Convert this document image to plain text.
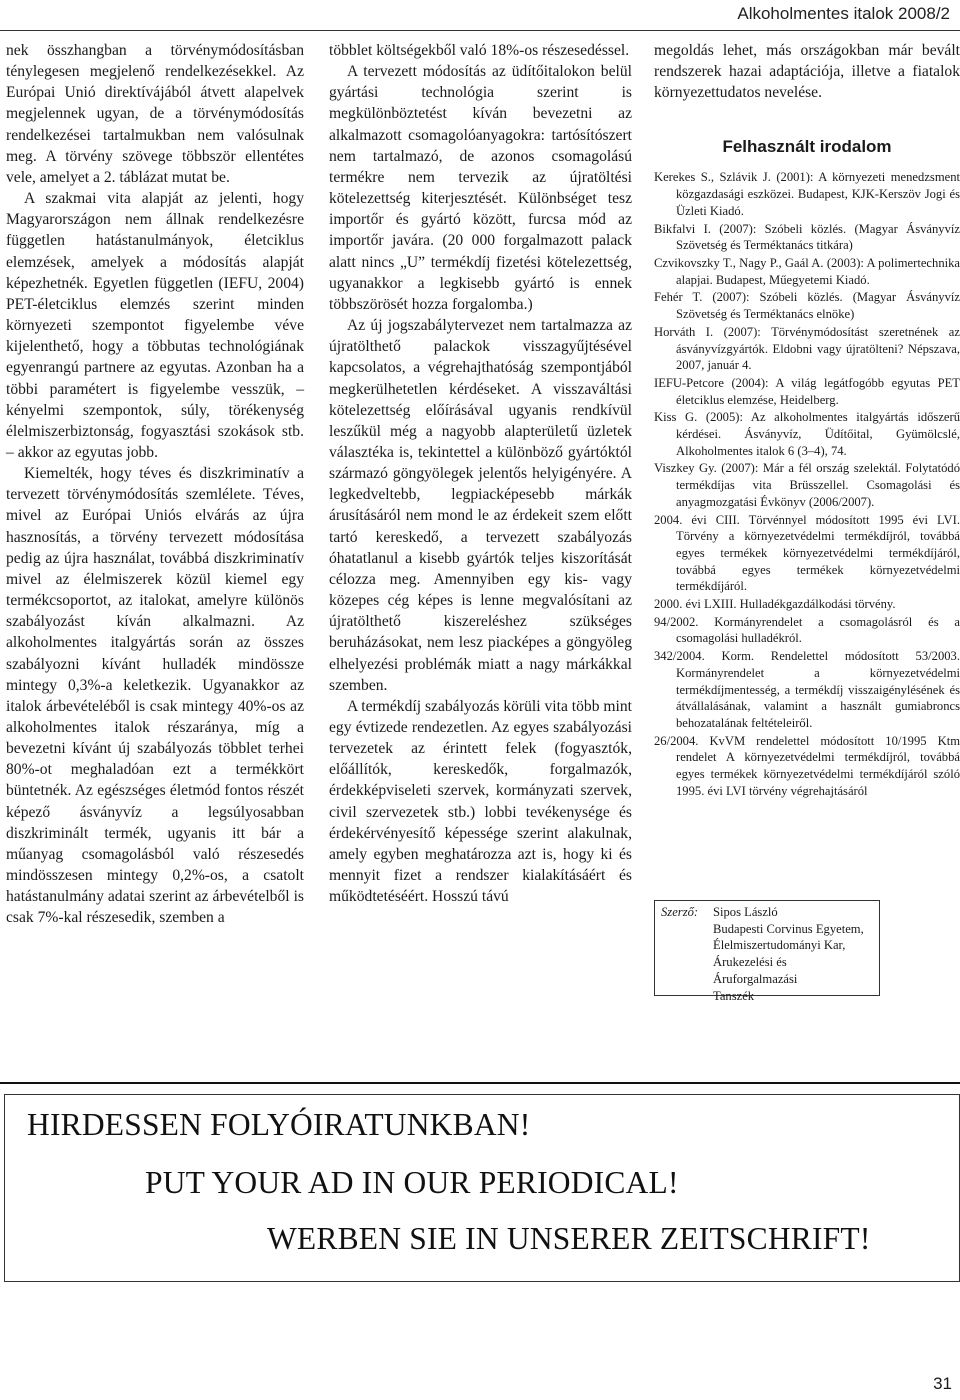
Alkoholmentes italok 2008/2

nek összhangban a törvénymódosításban ténylegesen megjelenő rendelkezésekkel. Az Európai Unió direktívájából átvett alapelvek megjelennek ugyan, de a törvénymódosítás rendelkezései tartalmukban nem valósulnak meg. A törvény szövege többször ellentétes vele, amelyet a 2. táblázat mutat be.

A szakmai vita alapját az jelenti, hogy Magyarországon nem állnak rendelkezésre független hatástanulmányok, életciklus elemzések, amelyek a módosítás alapját képezhetnék. Egyetlen független (IEFU, 2004) PET-életciklus elemzés szerint minden környezeti szempontot figyelembe véve kijelenthető, hogy a többutas technológiának egyenrangú partnere az egyutas. Azonban ha a többi paramétert is figyelembe vesszük, – kényelmi szempontok, súly, törékenység élelmiszerbiztonság, fogyasztási szokások stb. – akkor az egyutas jobb.

Kiemelték, hogy téves és diszkriminatív a tervezett törvénymódosítás szemlélete. Téves, mivel az Európai Uniós elvárás az újra hasznosítás, a törvény tervezett módosítása pedig az újra használat, továbbá diszkriminatív mivel az élelmiszerek közül kiemel egy termékcsoportot, az italokat, amelyre különös szabályozást kíván alkalmazni. Az alkoholmentes italgyártás során az összes szabályozni kívánt hulladék mindössze mintegy 0,3%-a keletkezik. Ugyanakkor az italok árbevételéből is csak mintegy 40%-os az alkoholmentes italok részaránya, míg a bevezetni kívánt új szabályozás többlet terhei 80%-ot meghaladóan ezt a termékkört büntetnék. Az egészséges életmód fontos részét képező ásványvíz a legsúlyosabban diszkriminált termék, ugyanis itt bár a műanyag csomagolásból való részesedés mindösszesen mintegy 0,2%-os, a csatolt hatástanulmány adatai szerint az árbevételből is csak 7%-kal részesedik, szemben a

többlet költségekből való 18%-os részesedéssel.

A tervezett módosítás az üdítőitalokon belül gyártási technológia szerint is megkülönböztetést kíván bevezetni az alkalmazott csomagolóanyagokra: tartósítószert nem tartalmazó, de azonos csomagolású termékre nem tervezik az újratöltési kötelezettség kiterjesztését. Különbséget tesz importőr és gyártó között, furcsa mód az importőr javára. (20 000 forgalmazott palack alatt nincs „U” termékdíj fizetési kötelezettség, ugyanakkor a legkisebb gyártó is ennek többszörösét hozza forgalomba.)

Az új jogszabálytervezet nem tartalmazza az újratölthető palackok visszagyűjtésével kapcsolatos, a végrehajthatóság szempontjából megkerülhetetlen kérdéseket. A visszaváltási kötelezettség előírásával ugyanis rendkívül leszűkül még a nagyobb alapterületű üzletek választéka is, tekintettel a különböző gyártóktól származó göngyölegek jelentős helyigényére. A legkedveltebb, legpiacképesebb márkák árusításáról nem mond le az érdekeit szem előtt tartó kereskedő, a tervezett szabályozás óhatatlanul a kisebb gyártók teljes kiszorítását célozza meg. Amennyiben egy kis- vagy közepes cég képes is lenne megvalósítani az újratölthető kiszereléshez szükséges beruházásokat, nem lesz piacképes a göngyöleg elhelyezési problémák miatt a nagy márkákkal szemben.

A termékdíj szabályozás körüli vita több mint egy évtizede rendezetlen. Az egyes szabályozási tervezetek az érintett felek (fogyasztók, előállítók, kereskedők, forgalmazók, érdekképviseleti szervek, kormányzati szervek, civil szervezetek stb.) lobbi tevékenysége és érdekérvényesítő képessége szerint alakulnak, amely egyben meghatározza azt is, hogy ki és mennyit fizet a rendszer kialakításáért és működtetéséért. Hosszú távú

megoldás lehet, más országokban már bevált rendszerek hazai adaptációja, illetve a fiatalok környezettudatos nevelése.

Felhasznált irodalom

Kerekes S., Szlávik J. (2001): A környezeti menedzsment közgazdasági eszközei. Budapest, KJK-Kerszöv Jogi és Üzleti Kiadó.

Bikfalvi I. (2007): Szóbeli közlés. (Magyar Ásványvíz Szövetség és Terméktanács titkára)

Czvikovszky T., Nagy P., Gaál A. (2003): A polimertechnika alapjai. Budapest, Műegyetemi Kiadó.

Fehér T. (2007): Szóbeli közlés. (Magyar Ásványvíz Szövetség és Terméktanács elnöke)

Horváth I. (2007): Törvénymódosítást szeretnének az ásványvízgyártók. Eldobni vagy újratölteni? Népszava, 2007, január 4.

IEFU-Petcore (2004): A világ legátfogóbb egyutas PET életciklus elemzése, Heidelberg.

Kiss G. (2005): Az alkoholmentes italgyártás időszerű kérdései. Ásványvíz, Üdítőital, Gyümölcslé, Alkoholmentes italok 6 (3–4), 74.

Viszkey Gy. (2007): Már a fél ország szelektál. Folytatódó termékdíjas vita Brüsszellel. Csomagolási és anyagmozgatási Évkönyv (2006/2007).

2004. évi CIII. Törvénnyel módosított 1995 évi LVI. Törvény a környezetvédelmi termékdíjról, továbbá egyes termékek környezetvédelmi termékdíjáról, továbbá egyes termékek környezetvédelmi termékdíjáról.

2000. évi LXIII. Hulladékgazdálkodási törvény.

94/2002. Kormányrendelet a csomagolásról és a csomagolási hulladékról.

342/2004. Korm. Rendelettel módosított 53/2003. Kormányrendelet a környezetvédelmi termékdíjmentesség, a termékdíj visszaigénylésének és átvállalásának, valamint a használt gumiabroncs behozatalának feltételeiről.

26/2004. KvVM rendelettel módosított 10/1995 Ktm rendelet A környezetvédelmi termékdíjról, továbbá egyes termékek környezetvédelmi termékdíjáról szóló 1995. évi LVI törvény végrehajtásáról

Szerző:	Sipos László
Budapesti Corvinus Egyetem,
Élelmiszertudományi Kar,
Árukezelési és Áruforgalmazási
Tanszék
HIRDESSEN FOLYÓIRATUNKBAN!
PUT YOUR AD IN OUR PERIODICAL!
WERBEN SIE IN UNSERER ZEITSCHRIFT!
31
